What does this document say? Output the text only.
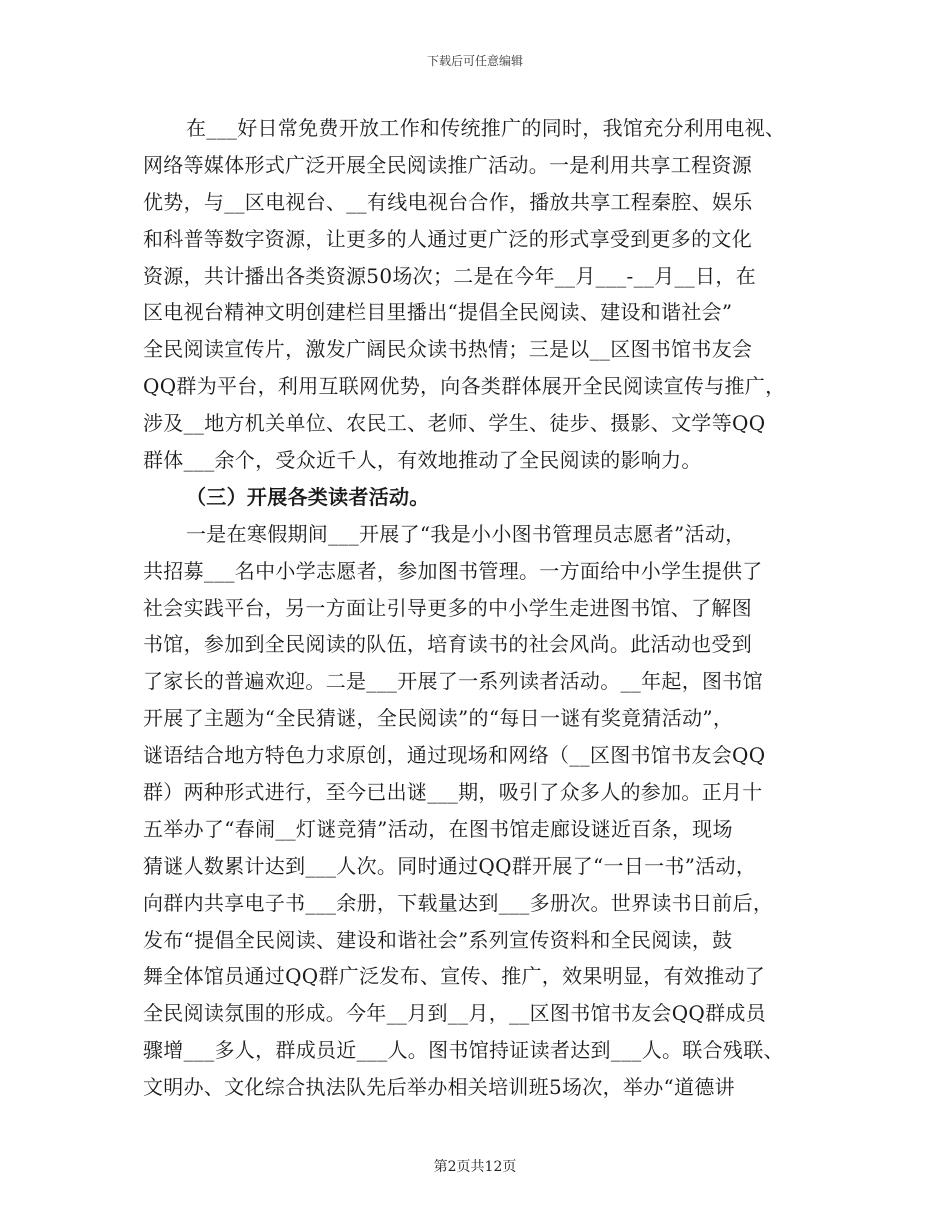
下载后可任意编辑

在___好日常免费开放工作和传统推广的同时，我馆充分利用电视、
网络等媒体形式广泛开展全民阅读推广活动。一是利用共享工程资源
优势，与__区电视台、__有线电视台合作，播放共享工程秦腔、娱乐
和科普等数字资源，让更多的人通过更广泛的形式享受到更多的文化
资源，共计播出各类资源50场次；二是在今年__月___-__月__日，在
区电视台精神文明创建栏目里播出“提倡全民阅读、建设和谐社会”
全民阅读宣传片，激发广阔民众读书热情；三是以__区图书馆书友会
QQ群为平台，利用互联网优势，向各类群体展开全民阅读宣传与推广，
涉及__地方机关单位、农民工、老师、学生、徒步、摄影、文学等QQ
群体___余个，受众近千人，有效地推动了全民阅读的影响力。
（三）开展各类读者活动。
一是在寒假期间___开展了“我是小小图书管理员志愿者”活动，
共招募___名中小学志愿者，参加图书管理。一方面给中小学生提供了
社会实践平台，另一方面让引导更多的中小学生走进图书馆、了解图
书馆，参加到全民阅读的队伍，培育读书的社会风尚。此活动也受到
了家长的普遍欢迎。二是___开展了一系列读者活动。__年起，图书馆
开展了主题为“全民猜谜，全民阅读”的“每日一谜有奖竟猜活动”，
谜语结合地方特色力求原创，通过现场和网络（__区图书馆书友会QQ
群）两种形式进行，至今已出谜___期，吸引了众多人的参加。正月十
五举办了“春闹__灯谜竞猜”活动，在图书馆走廊设谜近百条，现场
猜谜人数累计达到___人次。同时通过QQ群开展了“一日一书”活动，
向群内共享电子书___余册，下载量达到___多册次。世界读书日前后，
发布“提倡全民阅读、建设和谐社会”系列宣传资料和全民阅读，鼓
舞全体馆员通过QQ群广泛发布、宣传、推广，效果明显，有效推动了
全民阅读氛围的形成。今年__月到__月，__区图书馆书友会QQ群成员
骤增___多人，群成员近___人。图书馆持证读者达到___人。联合残联、
文明办、文化综合执法队先后举办相关培训班5场次，举办“道德讲

第2页共12页
